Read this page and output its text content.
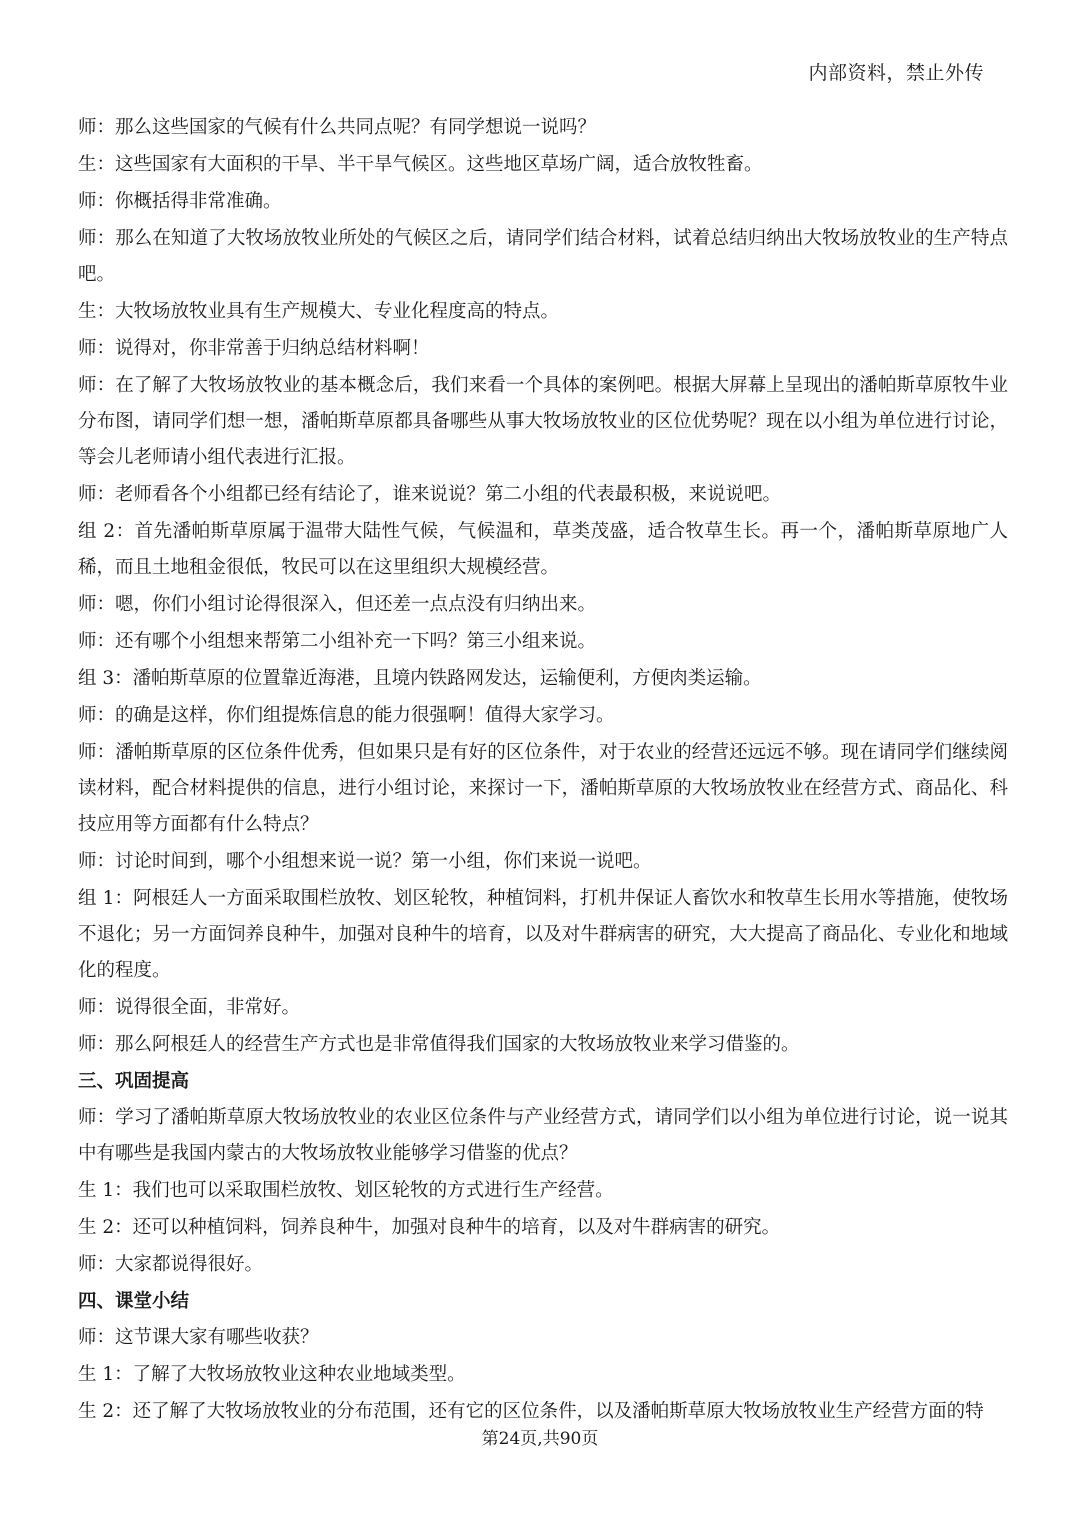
内部资料，禁止外传
师：那么这些国家的气候有什么共同点呢？有同学想说一说吗？
生：这些国家有大面积的干旱、半干旱气候区。这些地区草场广阔，适合放牧牲畜。
师：你概括得非常准确。
师：那么在知道了大牧场放牧业所处的气候区之后，请同学们结合材料，试着总结归纳出大牧场放牧业的生产特点吧。
生：大牧场放牧业具有生产规模大、专业化程度高的特点。
师：说得对，你非常善于归纳总结材料啊！
师：在了解了大牧场放牧业的基本概念后，我们来看一个具体的案例吧。根据大屏幕上呈现出的潘帕斯草原牧牛业分布图，请同学们想一想，潘帕斯草原都具备哪些从事大牧场放牧业的区位优势呢？现在以小组为单位进行讨论，等会儿老师请小组代表进行汇报。
师：老师看各个小组都已经有结论了，谁来说说？第二小组的代表最积极，来说说吧。
组 2：首先潘帕斯草原属于温带大陆性气候，气候温和，草类茂盛，适合牧草生长。再一个，潘帕斯草原地广人稀，而且土地租金很低，牧民可以在这里组织大规模经营。
师：嗯，你们小组讨论得很深入，但还差一点点没有归纳出来。
师：还有哪个小组想来帮第二小组补充一下吗？第三小组来说。
组 3：潘帕斯草原的位置靠近海港，且境内铁路网发达，运输便利，方便肉类运输。
师：的确是这样，你们组提炼信息的能力很强啊！值得大家学习。
师：潘帕斯草原的区位条件优秀，但如果只是有好的区位条件，对于农业的经营还远远不够。现在请同学们继续阅读材料，配合材料提供的信息，进行小组讨论，来探讨一下，潘帕斯草原的大牧场放牧业在经营方式、商品化、科技应用等方面都有什么特点？
师：讨论时间到，哪个小组想来说一说？第一小组，你们来说一说吧。
组 1：阿根廷人一方面采取围栏放牧、划区轮牧，种植饲料，打机井保证人畜饮水和牧草生长用水等措施，使牧场不退化；另一方面饲养良种牛，加强对良种牛的培育，以及对牛群病害的研究，大大提高了商品化、专业化和地域化的程度。
师：说得很全面，非常好。
师：那么阿根廷人的经营生产方式也是非常值得我们国家的大牧场放牧业来学习借鉴的。
三、巩固提高
师：学习了潘帕斯草原大牧场放牧业的农业区位条件与产业经营方式，请同学们以小组为单位进行讨论，说一说其中有哪些是我国内蒙古的大牧场放牧业能够学习借鉴的优点？
生 1：我们也可以采取围栏放牧、划区轮牧的方式进行生产经营。
生 2：还可以种植饲料，饲养良种牛，加强对良种牛的培育，以及对牛群病害的研究。
师：大家都说得很好。
四、课堂小结
师：这节课大家有哪些收获？
生 1：了解了大牧场放牧业这种农业地域类型。
生 2：还了解了大牧场放牧业的分布范围，还有它的区位条件，以及潘帕斯草原大牧场放牧业生产经营方面的特
第24页,共90页
